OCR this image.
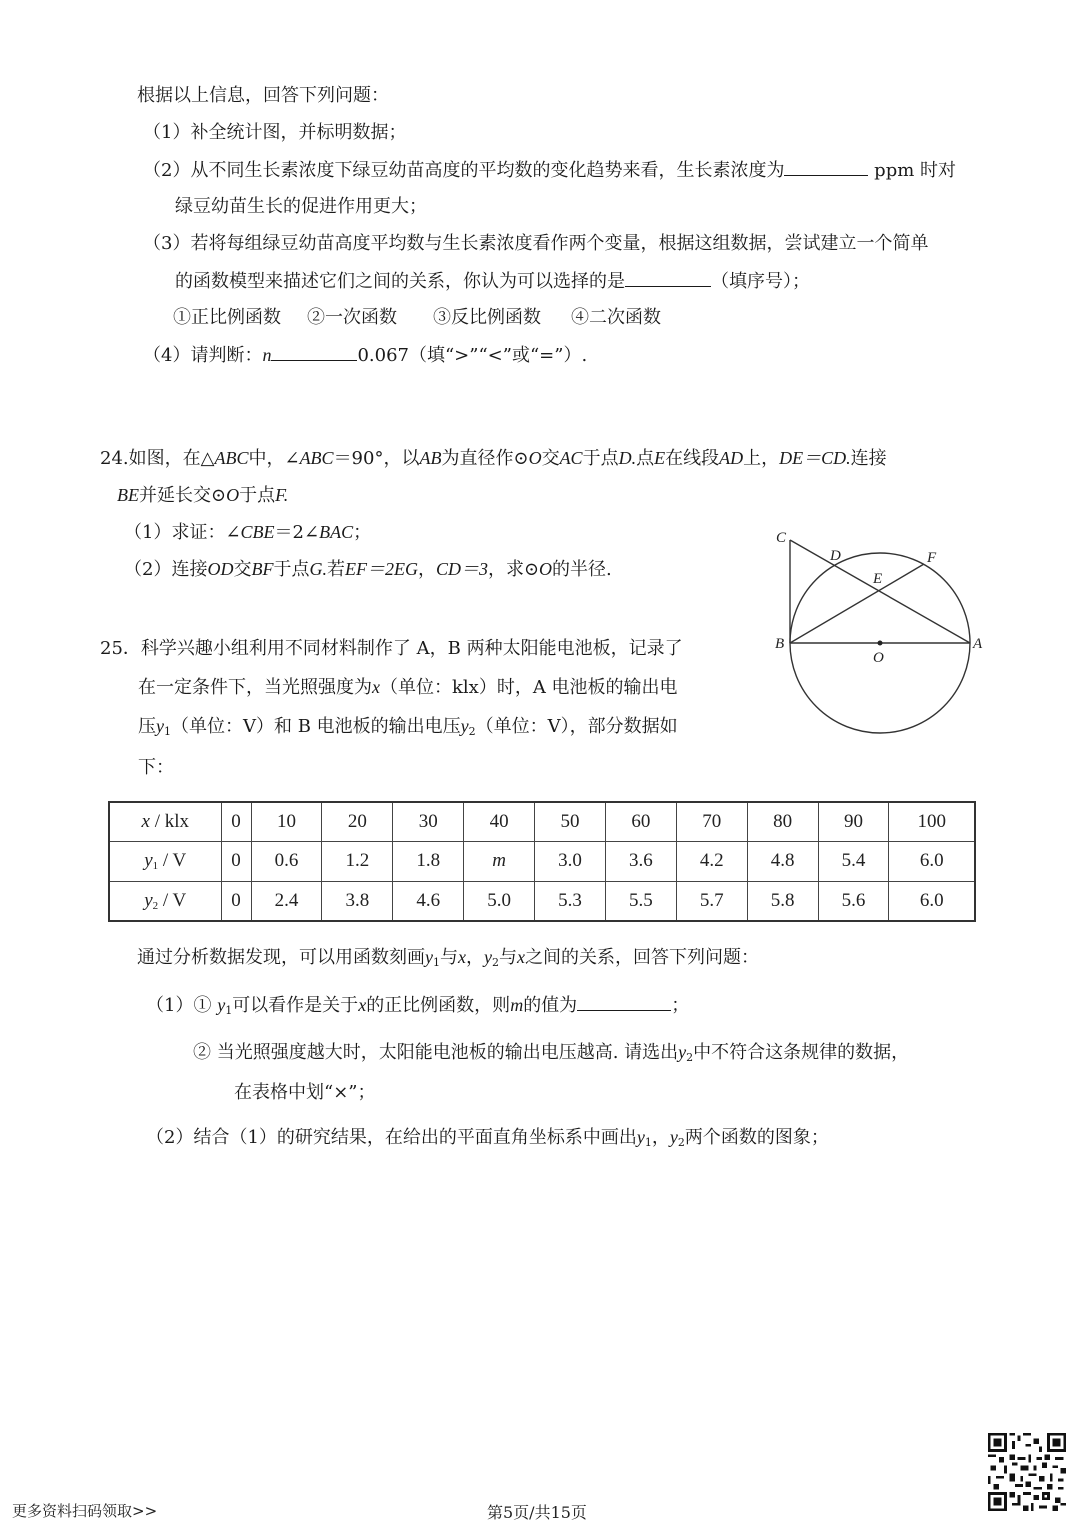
根据以上信息，回答下列问题：
（1）补全统计图，并标明数据；
（2）从不同生长素浓度下绿豆幼苗高度的平均数的变化趋势来看，生长素浓度为	ppm 时对
绿豆幼苗生长的促进作用更大；
（3）若将每组绿豆幼苗高度平均数与生长素浓度看作两个变量，根据这组数据，尝试建立一个简单
的函数模型来描述它们之间的关系，你认为可以选择的是	（填序号）；
①正比例函数 ②一次函数 ③反比例函数 ④二次函数
（4）请判断：n	0.067（填“>”“<”或“=”）.
24.如图，在△ABC中，∠ABC＝90°，以AB为直径作⊙O交AC于点D.点E在线段AD上，DE＝CD.连接
BE并延长交⊙O于点F.
（1）求证：∠CBE＝2∠BAC；
（2）连接OD交BF于点G.若EF＝2EG，CD＝3，求⊙O的半径.
C
D	F
E
B
O
A
25．科学兴趣小组利用不同材料制作了 A，B 两种太阳能电池板，记录了
在一定条件下，当光照强度为x（单位：klx）时，A 电池板的输出电
压$y_1$（单位：V）和 B 电池板的输出电压$y_2$（单位：V），部分数据如
下：
x / klx	0	10	20	30	40	50	60	70	80	90	100
$y_1$ / V	0	0.6	1.2	1.8	m	3.0	3.6	4.2	4.8	5.4	6.0
$y_2$ / V	0	2.4	3.8	4.6	5.0	5.3	5.5	5.7	5.8	5.6	6.0
通过分析数据发现，可以用函数刻画$y_1$与x，$y_2$与x之间的关系，回答下列问题：
（1）① $y_1$可以看作是关于x的正比例函数，则m的值为	；
② 当光照强度越大时，太阳能电池板的输出电压越高. 请选出$y_2$中不符合这条规律的数据，
在表格中划“×”；
（2）结合（1）的研究结果，在给出的平面直角坐标系中画出$y_1$，$y_2$两个函数的图象；
更多资料扫码领取>>	第5页/共15页
